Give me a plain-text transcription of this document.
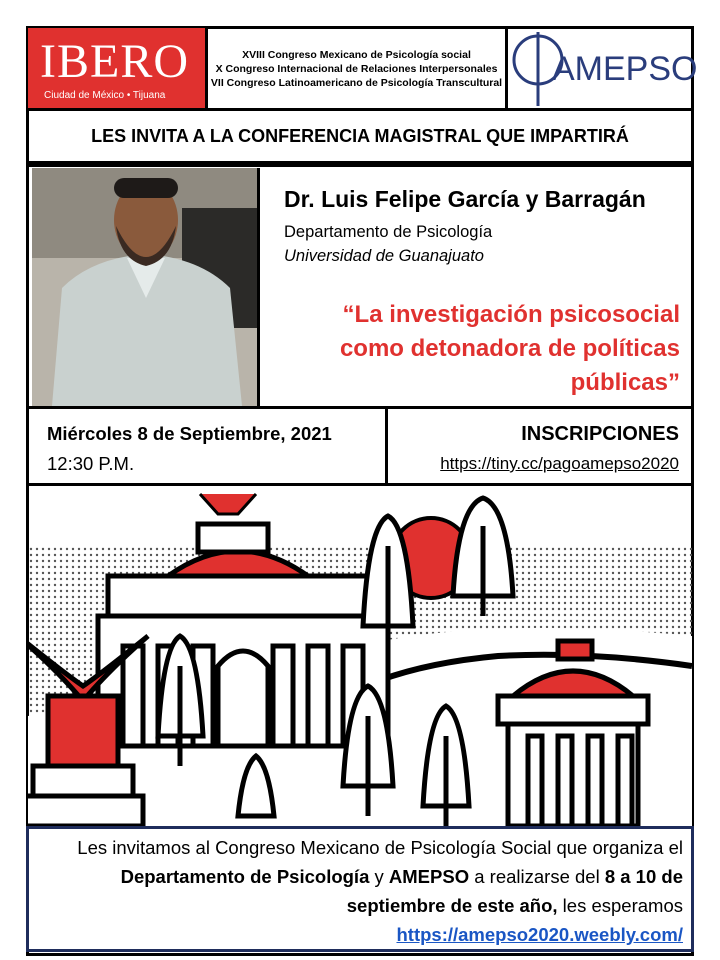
IBERO
Ciudad de México • Tijuana
XVIII Congreso Mexicano de Psicología social
X Congreso Internacional de Relaciones Interpersonales
VII Congreso Latinoamericano de Psicología Transcultural AMEPSO
LES INVITA A LA CONFERENCIA MAGISTRAL QUE IMPARTIRÁ
Dr. Luis Felipe García y Barragán
Departamento de Psicología
Universidad de Guanajuato
“La investigación psicosocial como detonadora de políticas públicas”
Miércoles 8 de Septiembre, 2021
12:30 P.M.
INSCRIPCIONES
https://tiny.cc/pagoamepso2020
Les invitamos al Congreso Mexicano de Psicología Social que organiza el Departamento de Psicología y AMEPSO a realizarse del 8 a 10 de septiembre de este año, les esperamos
https://amepso2020.weebly.com/
